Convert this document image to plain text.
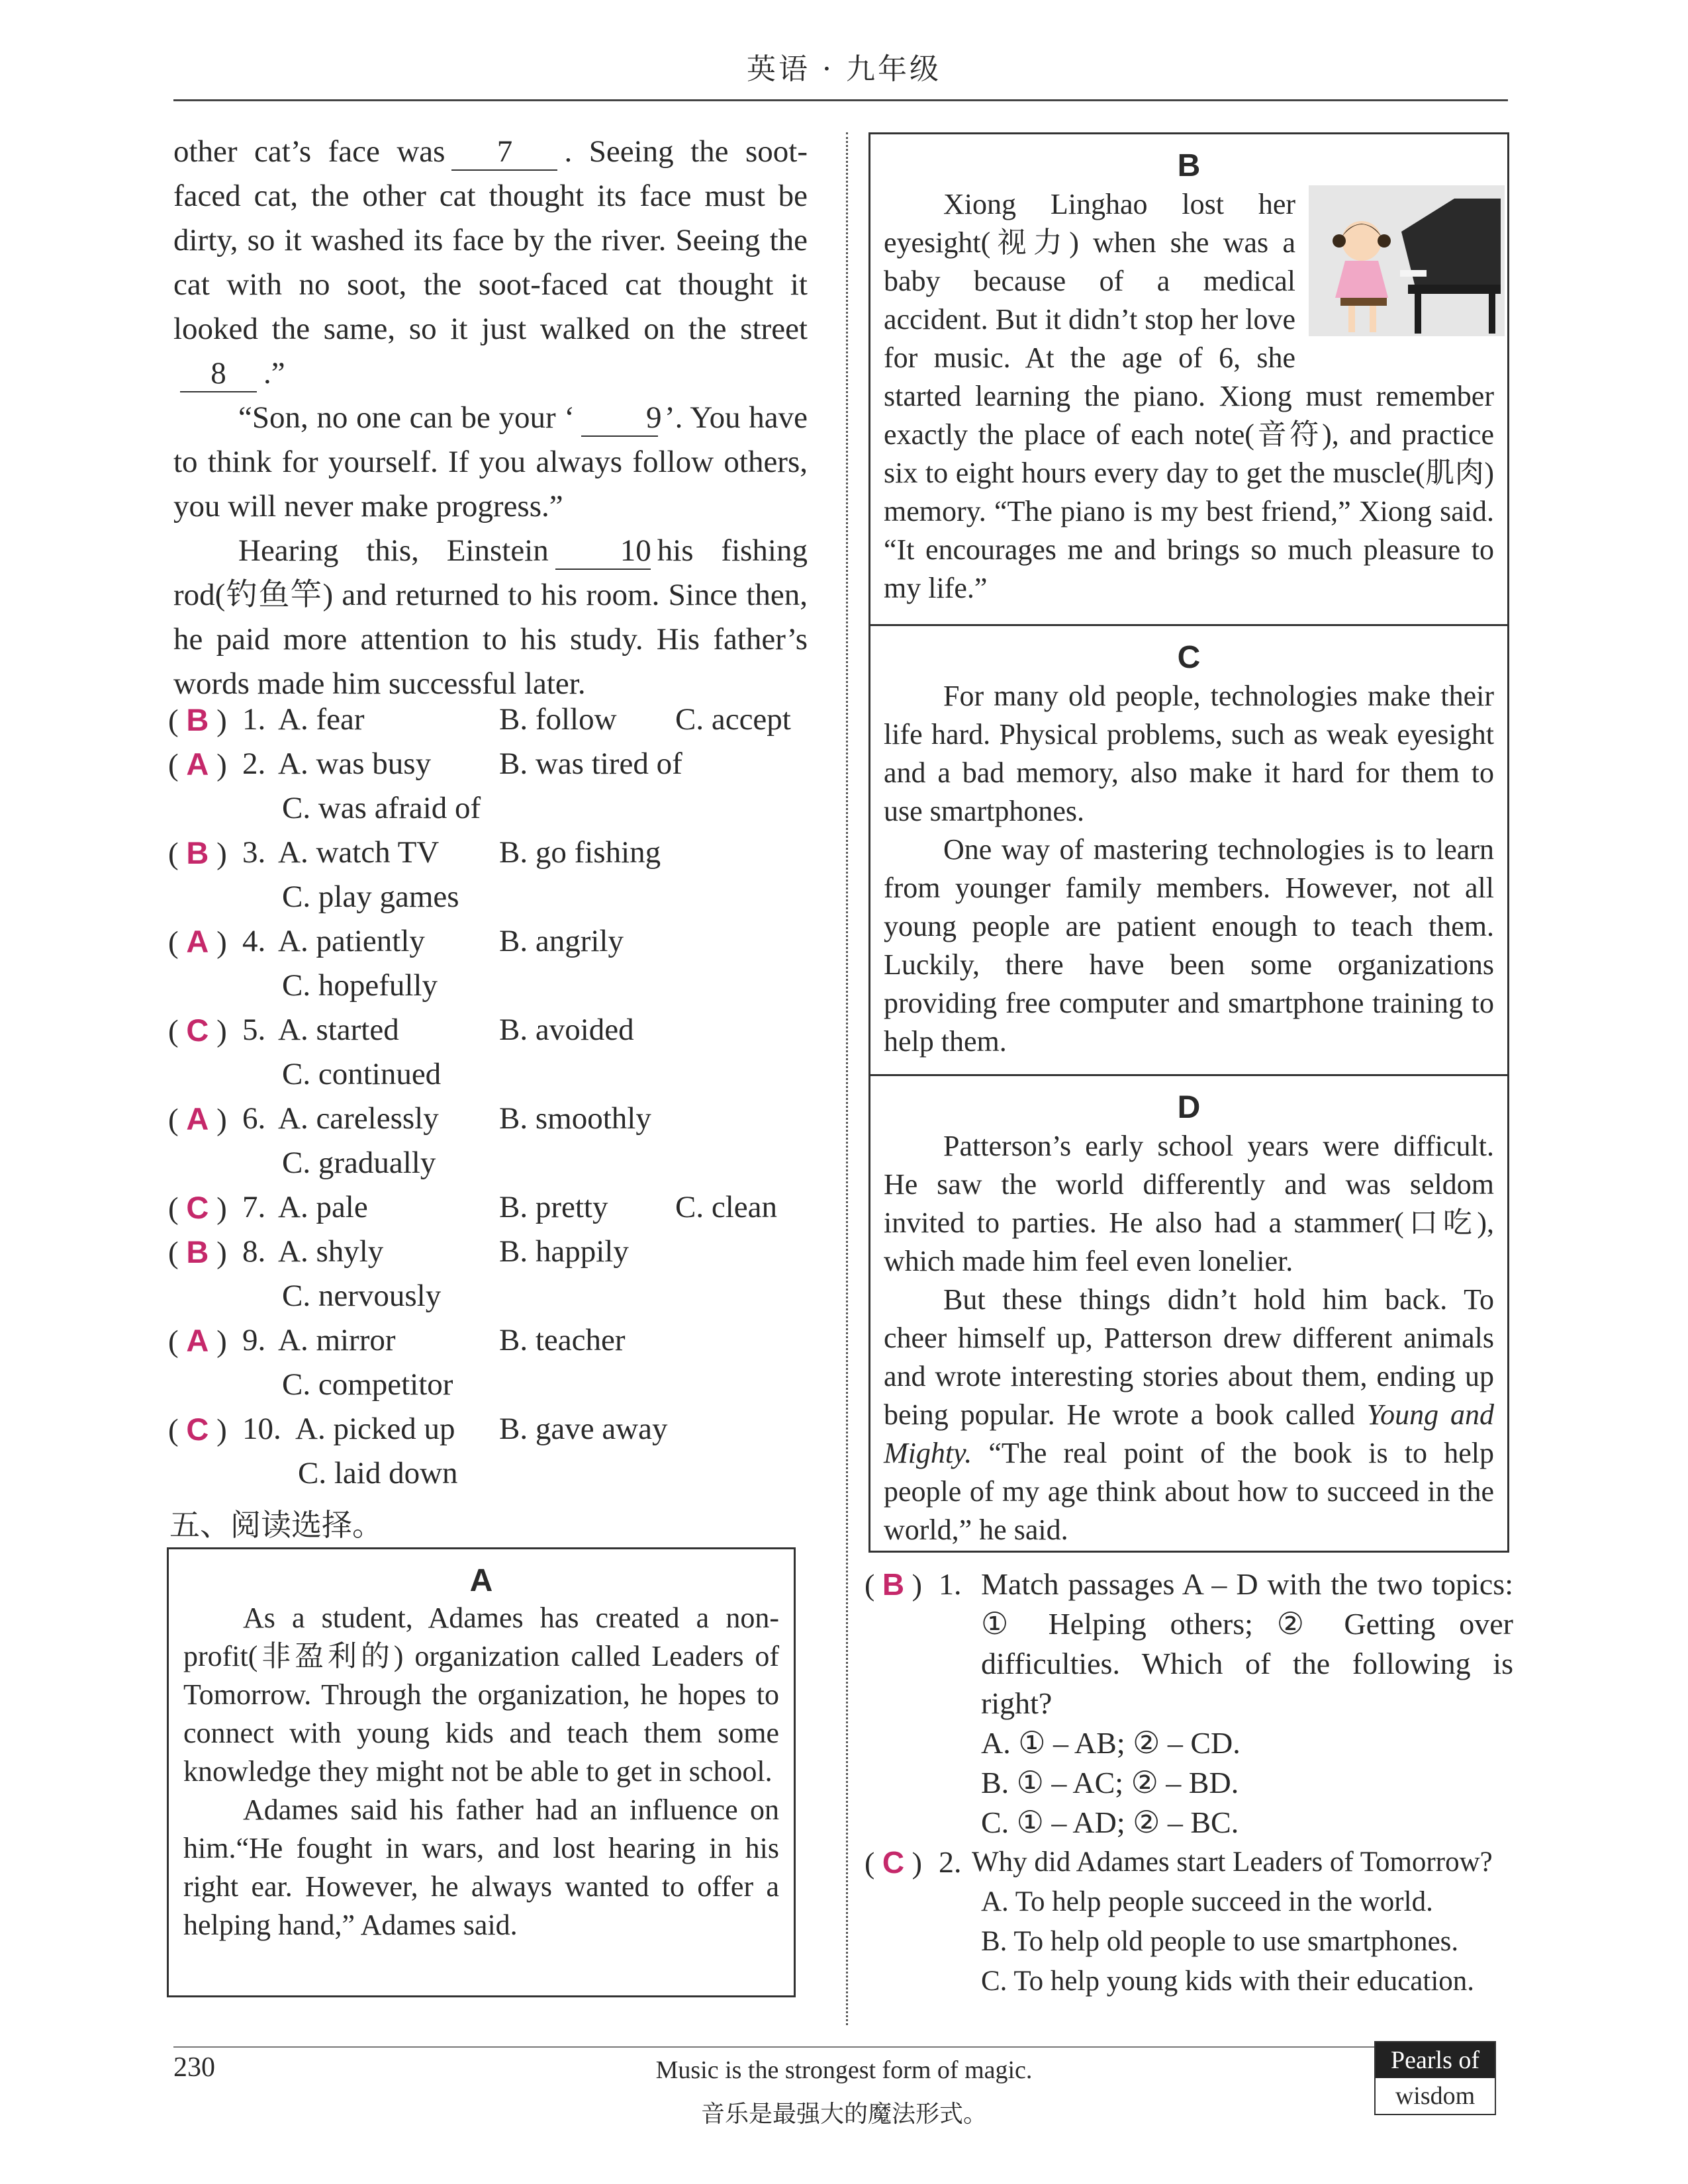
英语 · 九年级

other cat’s face was 7 . Seeing the soot-faced cat, the other cat thought its face must be dirty, so it washed its face by the river. Seeing the cat with no soot, the soot-faced cat thought it looked the same, so it just walked on the street8 .”

“Son, no one can be your ‘ 9’. You have to think for yourself. If you always follow others, you will never make progress.”

Hearing this, Einstein 10 his fishing rod(钓鱼竿) and returned to his room. Since then, he paid more attention to his study. His father’s words made him successful later.

( B ) 1. A. fear	B. follow C. accept
( A ) 2. A. was busy B. was tired of
C. was afraid of
( B ) 3. A. watch TV B. go fishing
C. play games
( A ) 4. A. patiently B. angrily
C. hopefully
( C ) 5. A. started	B. avoided
C. continued
( A ) 6. A. carelessly B. smoothly
C. gradually
( C ) 7. A. pale	B. pretty C. clean
( B ) 8. A. shyly	B. happily
C. nervously
( A ) 9. A. mirror	B. teacher
C. competitor
( C ) 10. A. picked up B. gave away
C. laid down
五、阅读选择。
A

As a student, Adames has created a non-profit(非盈利的) organization called Leaders of Tomorrow. Through the organization, he hopes to connect with young kids and teach them some knowledge they might not be able to get in school.

Adames said his father had an influence on him.“He fought in wars, and lost hearing in his right ear. However, he always wanted to offer a helping hand,” Adames said.

B

Xiong Linghao lost her eyesight(视力) when she was a baby because of a medical accident. But it didn’t stop her love for music. At the age of 6, she started learning the piano. Xiong must remember exactly the place of each note(音符), and practice six to eight hours every day to get the muscle(肌肉) memory. “The piano is my best friend,” Xiong said. “It encourages me and brings so much pleasure to my life.”

C

For many old people, technologies make their life hard. Physical problems, such as weak eyesight and a bad memory, also make it hard for them to use smartphones.

One way of mastering technologies is to learn from younger family members. However, not all young people are patient enough to teach them. Luckily, there have been some organizations providing free computer and smartphone training to help them.

D

Patterson’s early school years were difficult. He saw the world differently and was seldom invited to parties. He also had a stammer(口吃), which made him feel even lonelier.

But these things didn’t hold him back. To cheer himself up, Patterson drew different animals and wrote interesting stories about them, ending up being popular. He wrote a book called Young and Mighty. “The real point of the book is to help people of my age think about how to succeed in the world,” he said.

( B ) 1. Match passages A – D with the two topics: ① Helping others; ② Getting over difficulties. Which of the following is right?
A. ① – AB; ② – CD.
B. ① – AC; ② – BD.
C. ① – AD; ② – BC.
( C ) 2. Why did Adames start Leaders of Tomorrow?
A. To help people succeed in the world.
B. To help old people to use smartphones.
C. To help young kids with their education.
230	Music is the strongest form of magic.
音乐是最强大的魔法形式。
Pearls of
wisdom
